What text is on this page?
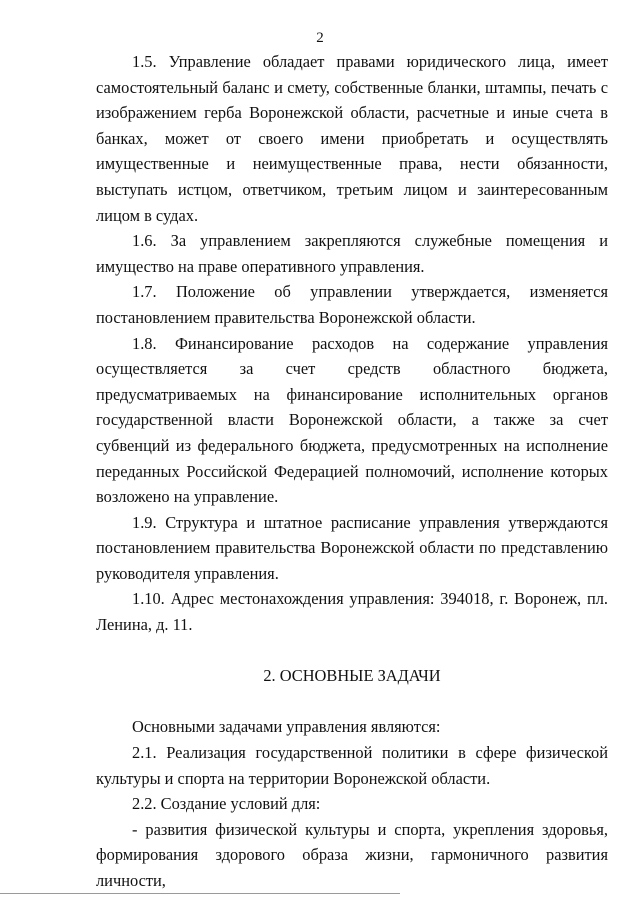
2

1.5. Управление обладает правами юридического лица, имеет самостоятельный баланс и смету, собственные бланки, штампы, печать с изображением герба Воронежской области, расчетные и иные счета в банках, может от своего имени приобретать и осуществлять имущественные и неимущественные права, нести обязанности, выступать истцом, ответчиком, третьим лицом и заинтересованным лицом в судах.

1.6. За управлением закрепляются служебные помещения и имущество на праве оперативного управления.

1.7. Положение об управлении утверждается, изменяется постановлением правительства Воронежской области.

1.8. Финансирование расходов на содержание управления осуществляется за счет средств областного бюджета, предусматриваемых на финансирование исполнительных органов государственной власти Воронежской области, а также за счет субвенций из федерального бюджета, предусмотренных на исполнение переданных Российской Федерацией полномочий, исполнение которых возложено на управление.

1.9. Структура и штатное расписание управления утверждаются постановлением правительства Воронежской области по представлению руководителя управления.

1.10. Адрес местонахождения управления: 394018, г. Воронеж, пл. Ленина, д. 11.

2. ОСНОВНЫЕ ЗАДАЧИ

Основными задачами управления являются:

2.1. Реализация государственной политики в сфере физической культуры и спорта на территории Воронежской области.

2.2. Создание условий для:

- развития физической культуры и спорта, укрепления здоровья, формирования здорового образа жизни, гармоничного развития личности,
